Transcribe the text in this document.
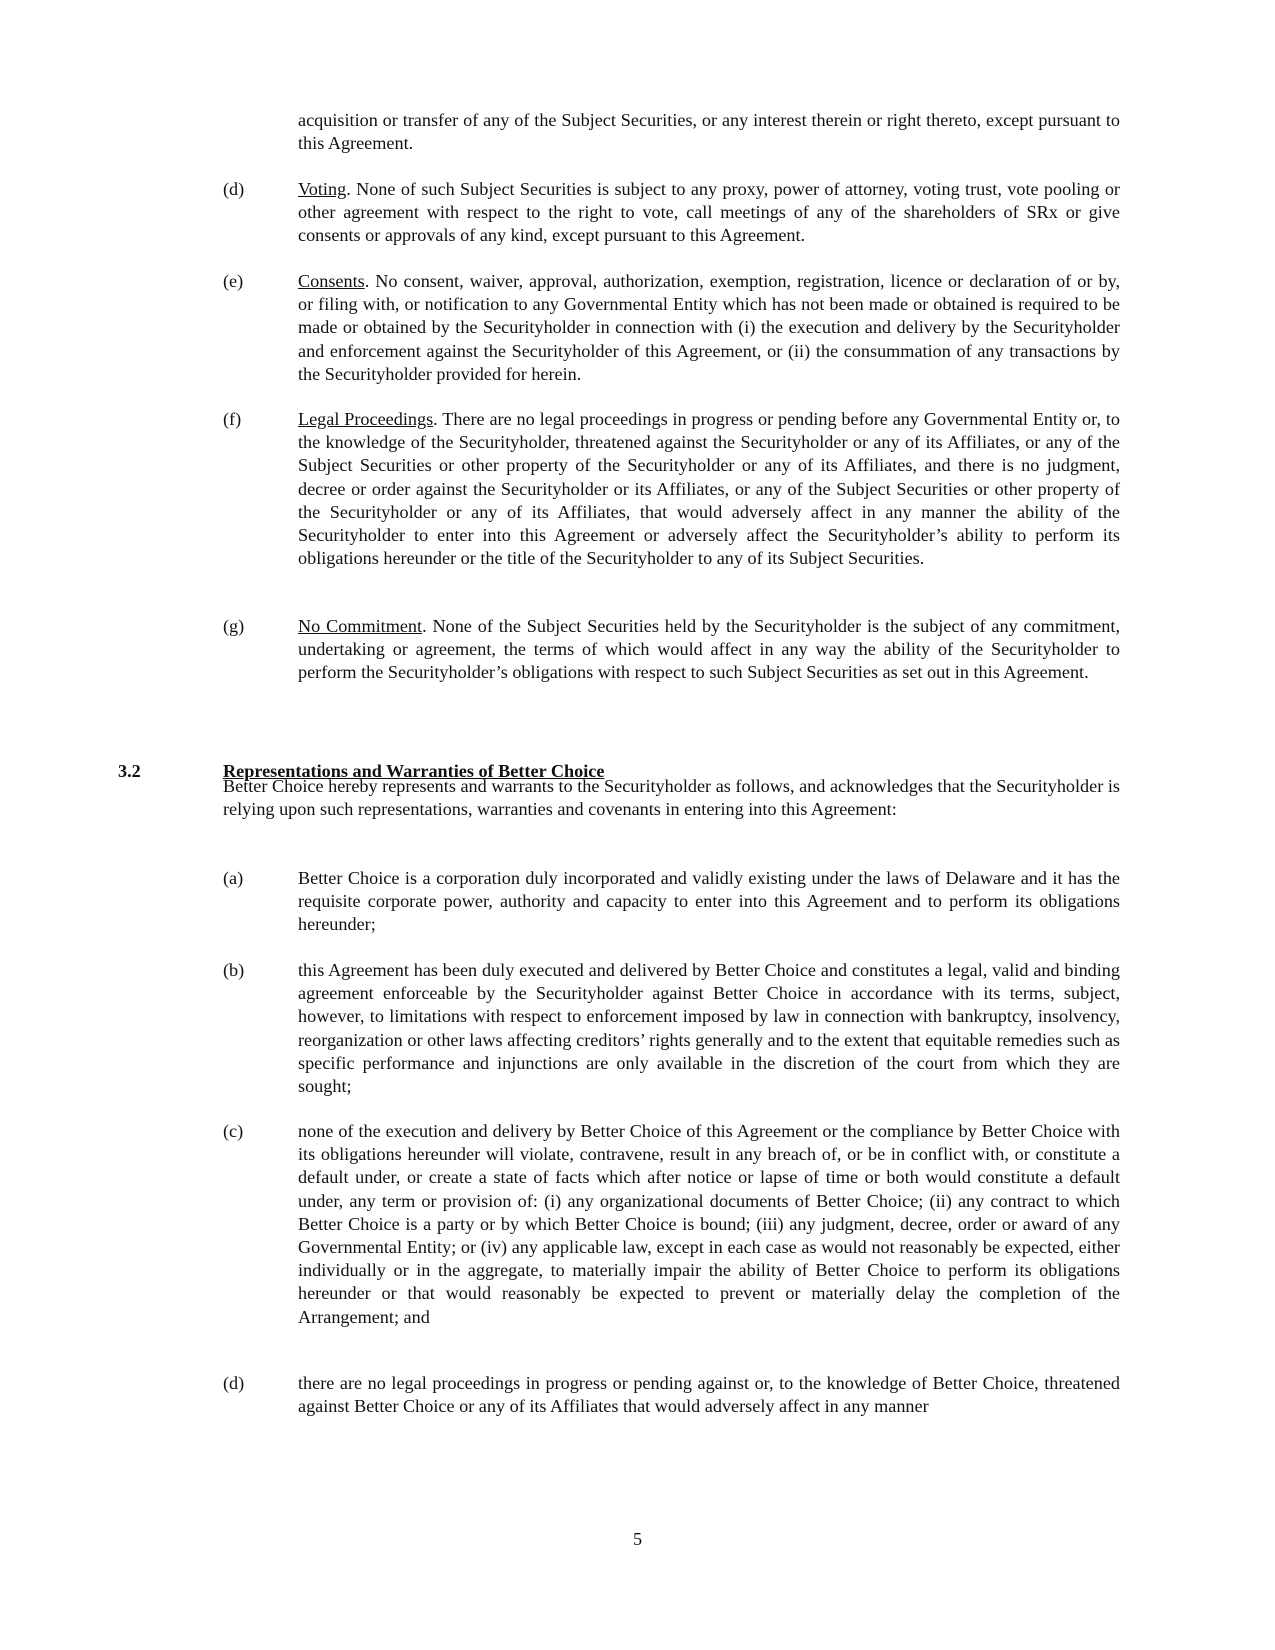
acquisition or transfer of any of the Subject Securities, or any interest therein or right thereto, except pursuant to this Agreement.

(d)	Voting. None of such Subject Securities is subject to any proxy, power of attorney, voting trust, vote pooling or other agreement with respect to the right to vote, call meetings of any of the shareholders of SRx or give consents or approvals of any kind, except pursuant to this Agreement.

(e)	Consents. No consent, waiver, approval, authorization, exemption, registration, licence or declaration of or by, or filing with, or notification to any Governmental Entity which has not been made or obtained is required to be made or obtained by the Securityholder in connection with (i) the execution and delivery by the Securityholder and enforcement against the Securityholder of this Agreement, or (ii) the consummation of any transactions by the Securityholder provided for herein.

(f)	Legal Proceedings. There are no legal proceedings in progress or pending before any Governmental Entity or, to the knowledge of the Securityholder, threatened against the Securityholder or any of its Affiliates, or any of the Subject Securities or other property of the Securityholder or any of its Affiliates, and there is no judgment, decree or order against the Securityholder or its Affiliates, or any of the Subject Securities or other property of the Securityholder or any of its Affiliates, that would adversely affect in any manner the ability of the Securityholder to enter into this Agreement or adversely affect the Securityholder’s ability to perform its obligations hereunder or the title of the Securityholder to any of its Subject Securities.

(g)	No Commitment. None of the Subject Securities held by the Securityholder is the subject of any commitment, undertaking or agreement, the terms of which would affect in any way the ability of the Securityholder to perform the Securityholder’s obligations with respect to such Subject Securities as set out in this Agreement.

3.2	Representations and Warranties of Better Choice

Better Choice hereby represents and warrants to the Securityholder as follows, and acknowledges that the Securityholder is relying upon such representations, warranties and covenants in entering into this Agreement:

(a)	Better Choice is a corporation duly incorporated and validly existing under the laws of Delaware and it has the requisite corporate power, authority and capacity to enter into this Agreement and to perform its obligations hereunder;

(b)	this Agreement has been duly executed and delivered by Better Choice and constitutes a legal, valid and binding agreement enforceable by the Securityholder against Better Choice in accordance with its terms, subject, however, to limitations with respect to enforcement imposed by law in connection with bankruptcy, insolvency, reorganization or other laws affecting creditors’ rights generally and to the extent that equitable remedies such as specific performance and injunctions are only available in the discretion of the court from which they are sought;

(c)	none of the execution and delivery by Better Choice of this Agreement or the compliance by Better Choice with its obligations hereunder will violate, contravene, result in any breach of, or be in conflict with, or constitute a default under, or create a state of facts which after notice or lapse of time or both would constitute a default under, any term or provision of: (i) any organizational documents of Better Choice; (ii) any contract to which Better Choice is a party or by which Better Choice is bound; (iii) any judgment, decree, order or award of any Governmental Entity; or (iv) any applicable law, except in each case as would not reasonably be expected, either individually or in the aggregate, to materially impair the ability of Better Choice to perform its obligations hereunder or that would reasonably be expected to prevent or materially delay the completion of the Arrangement; and

(d)	there are no legal proceedings in progress or pending against or, to the knowledge of Better Choice, threatened against Better Choice or any of its Affiliates that would adversely affect in any manner

5
